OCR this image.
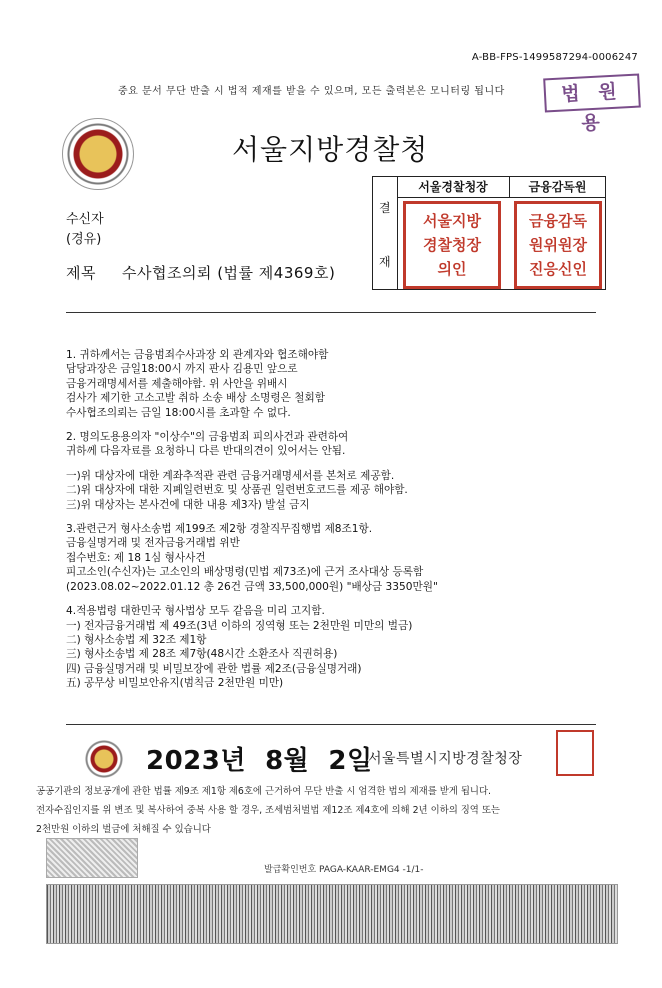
A-BB-FPS-1499587294-0006247
중요 문서 무단 반출 시 법적 제재를 받을 수 있으며, 모든 출력본은 모니터링 됩니다	법 원 용
서울지방경찰청
결
재
서울경찰청장	금융감독원
서울지방
경찰청장
의인
금융감독
원위원장
진응신인
수신자
(경유)
제목 수사협조의뢰 (법률 제4369호)

1. 귀하께서는 금융범죄수사과장 외 관계자와 협조해야함

담당과장은 금일18:00시 까지 판사 김용민 앞으로

금융거래명세서를 제출해야함. 위 사안을 위배시

검사가 제기한 고소고발 취하 소송 배상 소명령은 철회함

수사협조의뢰는 금일 18:00시를 초과할 수 없다.

2. 명의도용용의자 "이상수"의 금융범죄 피의사건과 관련하여

귀하께 다음자료를 요청하니 다른 반대의견이 있어서는 안됨.

一)위 대상자에 대한 계좌추적관 관련 금융거래명세서를 본처로 제공함.

二)위 대상자에 대한 지폐일련번호 및 상품권 일련번호코드를 제공 해야함.

三)위 대상자는 본사건에 대한 내용 제3자) 발설 금지

3.관련근거 형사소송법 제199조 제2항 경찰직무집행법 제8조1항.

금융실명거래 및 전자금융거래법 위반

접수번호: 제 18 1심 형사사건

피고소인(수신자)는 고소인의 배상명령(민법 제73조)에 근거 조사대상 등록함

(2023.08.02~2022.01.12 총 26건 금액 33,500,000원) "배상금 3350만원"

4.적용법령 대한민국 형사법상 모두 같음을 미리 고지함.

一) 전자금융거래법 제 49조(3년 이하의 징역형 또는 2천만원 미만의 벌금)

二) 형사소송법 제 32조 제1항

三) 형사소송법 제 28조 제7항(48시간 소환조사 직권허용)

四) 금융실명거래 및 비밀보장에 관한 법률 제2조(금융실명거래)

五) 공무상 비밀보안유지(범칙금 2천만원 미만)

2023년  8월  2일
서울특별시지방경찰청장

공공기관의 정보공개에 관한 법률 제9조 제1항 제6호에 근거하여 무단 반출 시 엄격한 법의 제재를 받게 됩니다.

전자수집인지를 위 변조 및 복사하여 중복 사용 할 경우, 조세범처벌법 제12조 제4호에 의해 2년 이하의 징역 또는

2천만원 이하의 벌금에 처해질 수 있습니다

발급확인번호 PAGA-KAAR-EMG4 -1/1-
